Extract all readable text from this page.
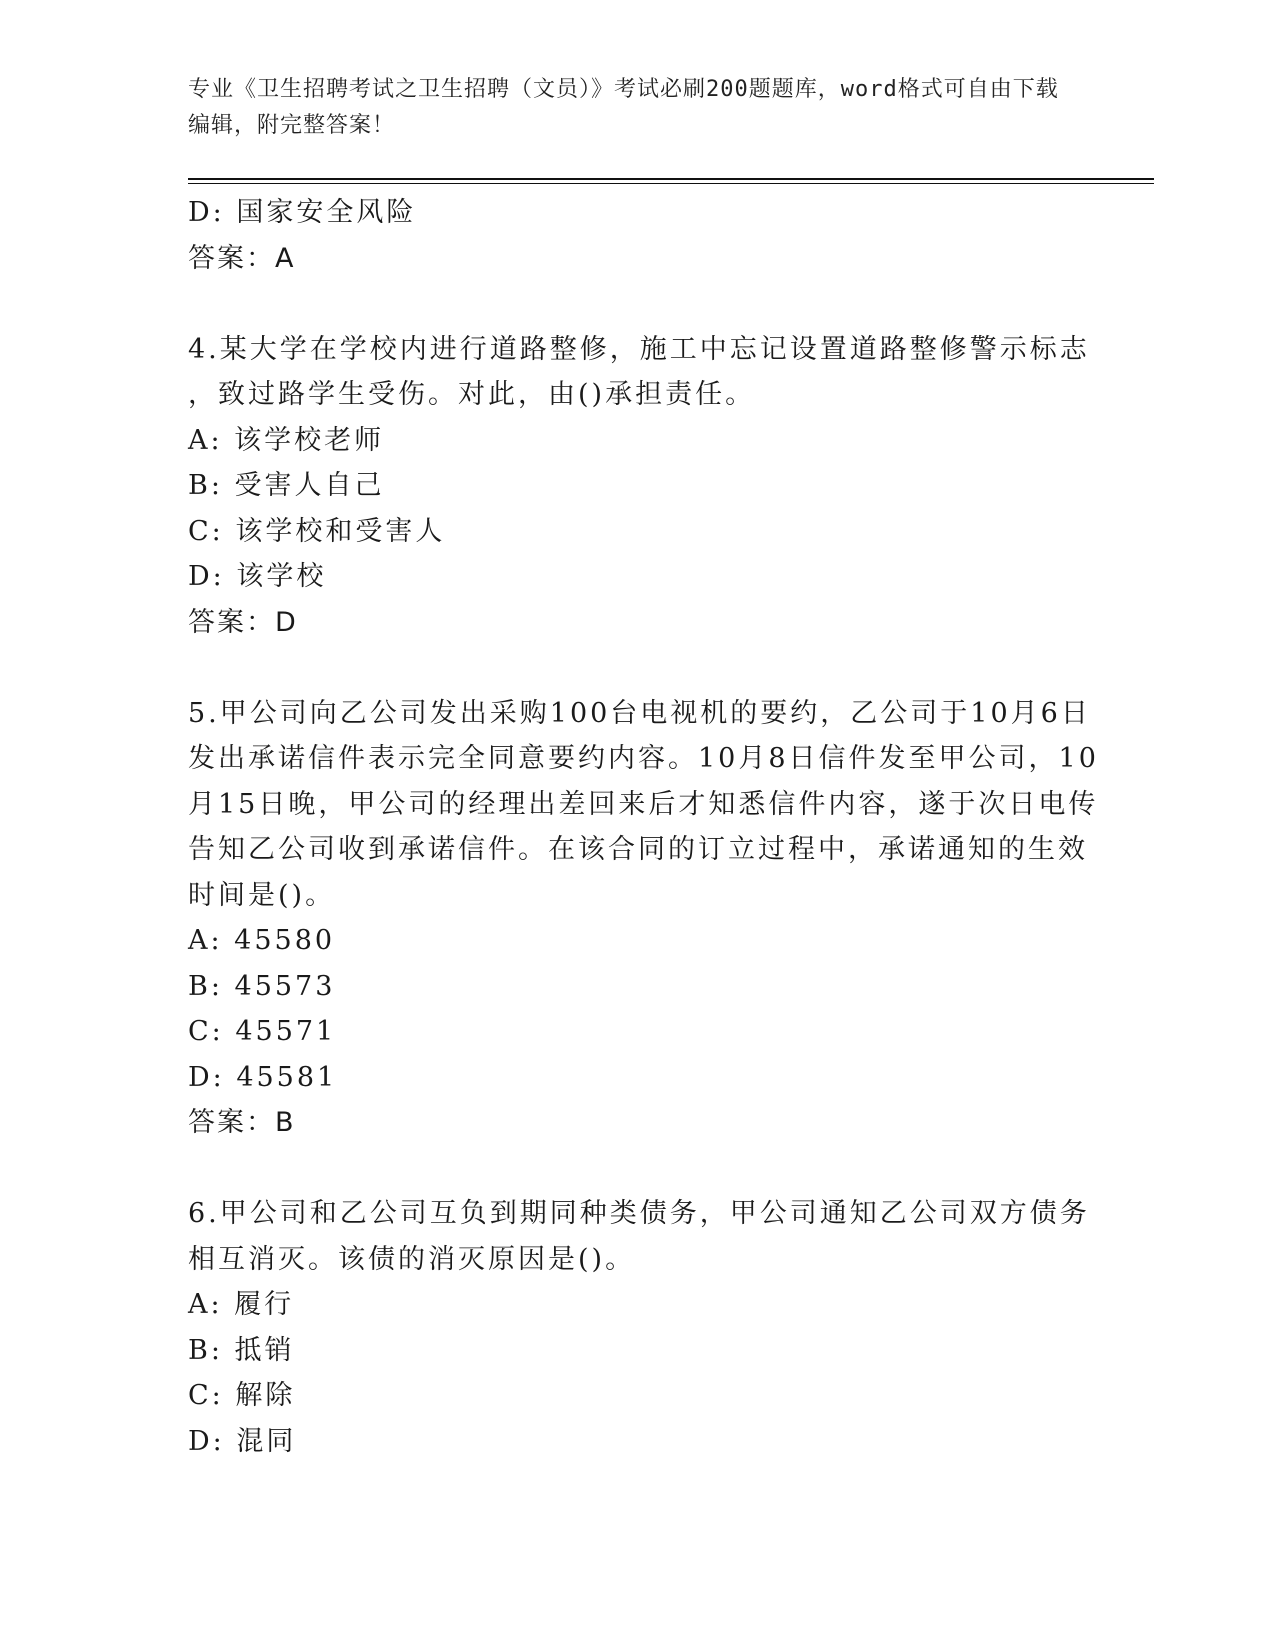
专业《卫生招聘考试之卫生招聘（文员）》考试必刷200题题库，word格式可自由下载编辑，附完整答案！
D: 国家安全风险
答案：A
4.某大学在学校内进行道路整修，施工中忘记设置道路整修警示标志
，致过路学生受伤。对此，由()承担责任。
A: 该学校老师
B: 受害人自己
C: 该学校和受害人
D: 该学校
答案：D
5.甲公司向乙公司发出采购100台电视机的要约，乙公司于10月6日
发出承诺信件表示完全同意要约内容。10月8日信件发至甲公司，10
月15日晚，甲公司的经理出差回来后才知悉信件内容，遂于次日电传
告知乙公司收到承诺信件。在该合同的订立过程中，承诺通知的生效
时间是()。
A: 45580
B: 45573
C: 45571
D: 45581
答案：B
6.甲公司和乙公司互负到期同种类债务，甲公司通知乙公司双方债务
相互消灭。该债的消灭原因是()。
A: 履行
B: 抵销
C: 解除
D: 混同
